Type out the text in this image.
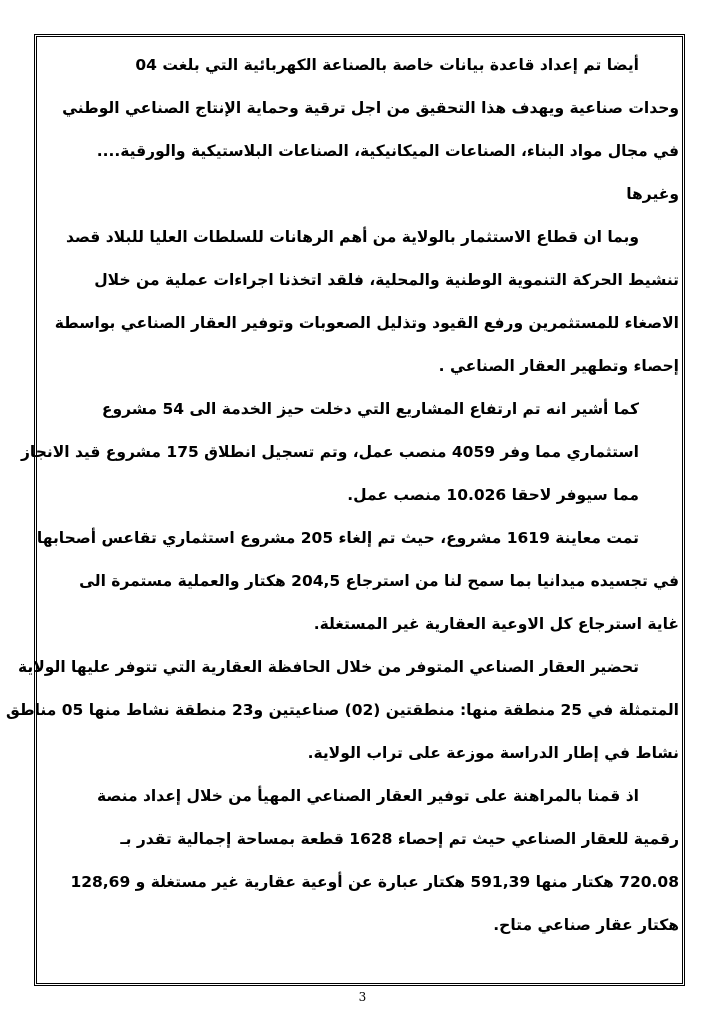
أيضا تم إعداد قاعدة بيانات خاصة بالصناعة الكهربائية التي بلغت 04
وحدات صناعية ويهدف هذا التحقيق من اجل ترقية وحماية الإنتاج الصناعي الوطني
في مجال مواد البناء، الصناعات الميكانيكية، الصناعات البلاستيكية والورقية....
وغيرها
وبما ان قطاع الاستثمار بالولاية من أهم الرهانات للسلطات العليا للبلاد قصد
تنشيط الحركة التنموية الوطنية والمحلية، فلقد اتخذنا اجراءات عملية من خلال
الاصغاء للمستثمرين ورفع القيود وتذليل الصعوبات وتوفير العقار الصناعي بواسطة
إحصاء وتطهير العقار الصناعي .
كما أشير انه تم ارتفاع المشاريع التي دخلت حيز الخدمة الى 54 مشروع
استثماري مما وفر 4059 منصب عمل، وتم تسجيل انطلاق 175 مشروع قيد الانجاز
مما سيوفر لاحقا 10.026 منصب عمل.
تمت معاينة 1619 مشروع، حيث تم إلغاء 205 مشروع استثماري تقاعس أصحابها
في تجسيده ميدانيا بما سمح لنا من استرجاع 204,5 هكتار والعملية مستمرة الى
غاية استرجاع كل الاوعية العقارية غير المستغلة.
تحضير العقار الصناعي المتوفر من خلال الحافظة العقارية التي تتوفر عليها الولاية
المتمثلة في 25 منطقة منها: منطقتين (02) صناعيتين و23 منطقة نشاط منها 05 مناطق
نشاط في إطار الدراسة موزعة على تراب الولاية.
اذ قمنا بالمراهنة على توفير العقار الصناعي المهيأ من خلال إعداد منصة
رقمية للعقار الصناعي حيث تم إحصاء 1628 قطعة بمساحة إجمالية تقدر بـ
720.08 هكتار منها 591,39 هكتار عبارة عن أوعية عقارية غير مستغلة و 128,69
هكتار عقار صناعي متاح.
3
